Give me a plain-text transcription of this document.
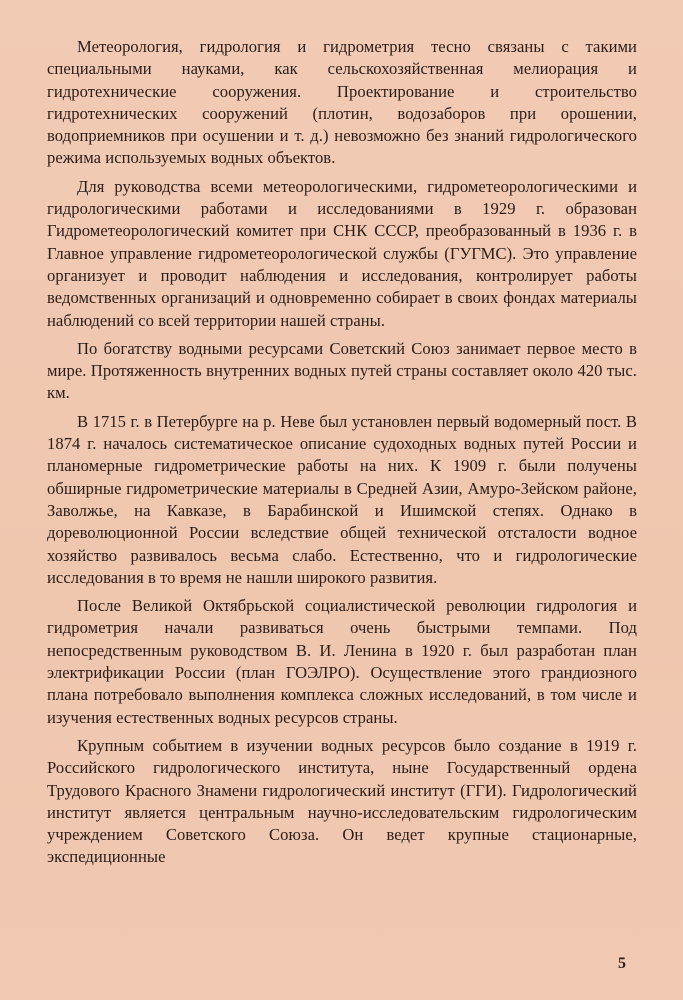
Метеорология, гидрология и гидрометрия тесно связаны с такими специальными науками, как сельскохозяйственная мелиорация и гидротехнические сооружения. Проектирование и строительство гидротехнических сооружений (плотин, водозаборов при орошении, водоприемников при осушении и т. д.) невозможно без знаний гидрологического режима используемых водных объектов.

Для руководства всеми метеорологическими, гидрометеорологическими и гидрологическими работами и исследованиями в 1929 г. образован Гидрометеорологический комитет при СНК СССР, преобразованный в 1936 г. в Главное управление гидрометеорологической службы (ГУГМС). Это управление организует и проводит наблюдения и исследования, контролирует работы ведомственных организаций и одновременно собирает в своих фондах материалы наблюдений со всей территории нашей страны.

По богатству водными ресурсами Советский Союз занимает первое место в мире. Протяженность внутренних водных путей страны составляет около 420 тыс. км.

В 1715 г. в Петербурге на р. Неве был установлен первый водомерный пост. В 1874 г. началось систематическое описание судоходных водных путей России и планомерные гидрометрические работы на них. К 1909 г. были получены обширные гидрометрические материалы в Средней Азии, Амуро-Зейском районе, Заволжье, на Кавказе, в Барабинской и Ишимской степях. Однако в дореволюционной России вследствие общей технической отсталости водное хозяйство развивалось весьма слабо. Естественно, что и гидрологические исследования в то время не нашли широкого развития.

После Великой Октябрьской социалистической революции гидрология и гидрометрия начали развиваться очень быстрыми темпами. Под непосредственным руководством В. И. Ленина в 1920 г. был разработан план электрификации России (план ГОЭЛРО). Осуществление этого грандиозного плана потребовало выполнения комплекса сложных исследований, в том числе и изучения естественных водных ресурсов страны.

Крупным событием в изучении водных ресурсов было создание в 1919 г. Российского гидрологического института, ныне Государственный ордена Трудового Красного Знамени гидрологический институт (ГГИ). Гидрологический институт является центральным научно-исследовательским гидрологическим учреждением Советского Союза. Он ведет крупные стационарные, экспедиционные

5
